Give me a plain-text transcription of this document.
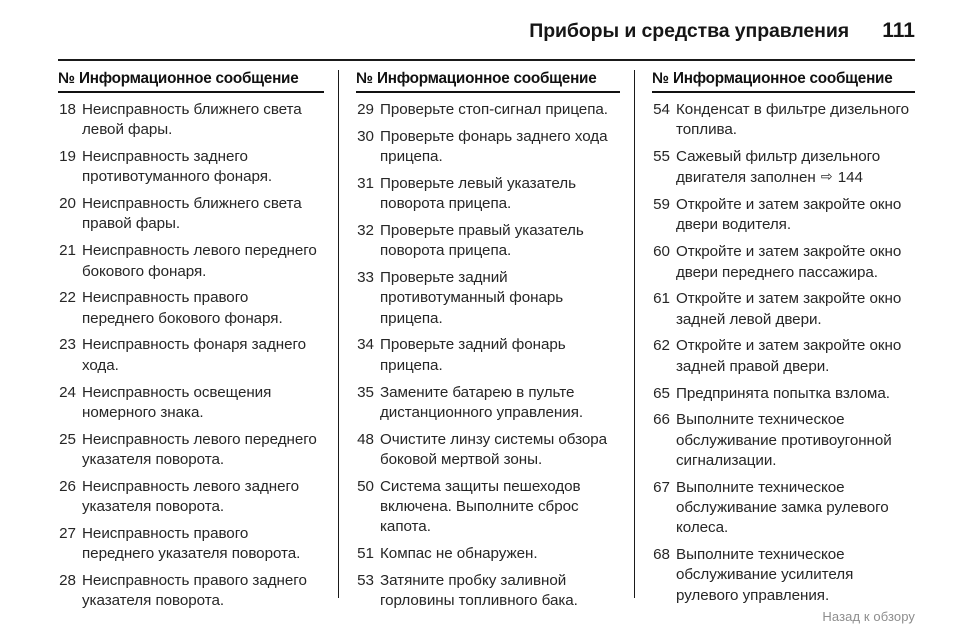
Приборы и средства управления 111
№ Информационное сообщение
18 Неисправность ближнего света левой фары.
19 Неисправность заднего противотуманного фонаря.
20 Неисправность ближнего света правой фары.
21 Неисправность левого переднего бокового фонаря.
22 Неисправность правого переднего бокового фонаря.
23 Неисправность фонаря заднего хода.
24 Неисправность освещения номерного знака.
25 Неисправность левого переднего указателя поворота.
26 Неисправность левого заднего указателя поворота.
27 Неисправность правого переднего указателя поворота.
28 Неисправность правого заднего указателя поворота.
№ Информационное сообщение
29 Проверьте стоп-сигнал прицепа.
30 Проверьте фонарь заднего хода прицепа.
31 Проверьте левый указатель поворота прицепа.
32 Проверьте правый указатель поворота прицепа.
33 Проверьте задний противотуманный фонарь прицепа.
34 Проверьте задний фонарь прицепа.
35 Замените батарею в пульте дистанционного управления.
48 Очистите линзу системы обзора боковой мертвой зоны.
50 Система защиты пешеходов включена. Выполните сброс капота.
51 Компас не обнаружен.
53 Затяните пробку заливной горловины топливного бака.
№ Информационное сообщение
54 Конденсат в фильтре дизельного топлива.
55 Сажевый фильтр дизельного двигателя заполнен ⇨ 144
59 Откройте и затем закройте окно двери водителя.
60 Откройте и затем закройте окно двери переднего пассажира.
61 Откройте и затем закройте окно задней левой двери.
62 Откройте и затем закройте окно задней правой двери.
65 Предпринята попытка взлома.
66 Выполните техническое обслуживание противоугонной сигнализации.
67 Выполните техническое обслуживание замка рулевого колеса.
68 Выполните техническое обслуживание усилителя рулевого управления.
Назад к обзору
